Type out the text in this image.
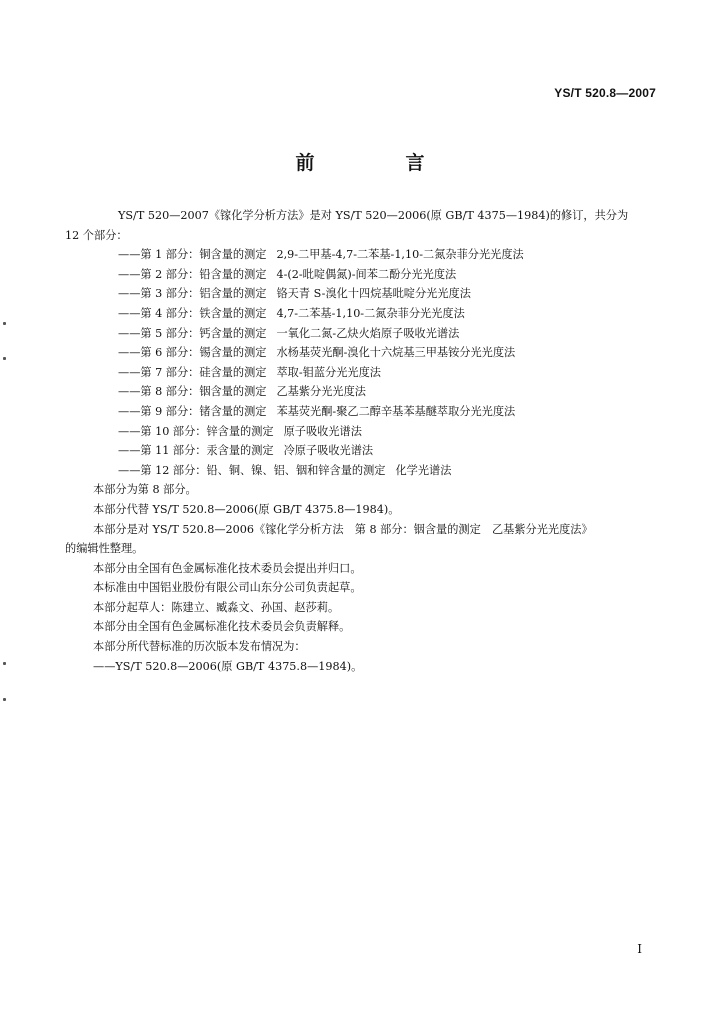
YS/T 520.8—2007
前　言
YS/T 520—2007《镓化学分析方法》是对 YS/T 520—2006(原 GB/T 4375—1984)的修订，共分为
12 个部分：
——第 1 部分：铜含量的测定 2,9-二甲基-4,7-二苯基-1,10-二氮杂菲分光光度法
——第 2 部分：铅含量的测定 4-(2-吡啶偶氮)-间苯二酚分光光度法
——第 3 部分：铝含量的测定 铬天青 S-溴化十四烷基吡啶分光光度法
——第 4 部分：铁含量的测定 4,7-二苯基-1,10-二氮杂菲分光光度法
——第 5 部分：钙含量的测定 一氧化二氮-乙炔火焰原子吸收光谱法
——第 6 部分：锡含量的测定 水杨基荧光酮-溴化十六烷基三甲基铵分光光度法
——第 7 部分：硅含量的测定 萃取-钼蓝分光光度法
——第 8 部分：铟含量的测定 乙基紫分光光度法
——第 9 部分：锗含量的测定 苯基荧光酮-聚乙二醇辛基苯基醚萃取分光光度法
——第 10 部分：锌含量的测定 原子吸收光谱法
——第 11 部分：汞含量的测定 冷原子吸收光谱法
——第 12 部分：铅、铜、镍、铝、铟和锌含量的测定 化学光谱法
本部分为第 8 部分。
本部分代替 YS/T 520.8—2006(原 GB/T 4375.8—1984)。
本部分是对 YS/T 520.8—2006《镓化学分析方法　第 8 部分：铟含量的测定　乙基紫分光光度法》
的编辑性整理。
本部分由全国有色金属标准化技术委员会提出并归口。
本标准由中国铝业股份有限公司山东分公司负责起草。
本部分起草人：陈建立、臧淼文、孙国、赵莎莉。
本部分由全国有色金属标准化技术委员会负责解释。
本部分所代替标准的历次版本发布情况为：
——YS/T 520.8—2006(原 GB/T 4375.8—1984)。
I
